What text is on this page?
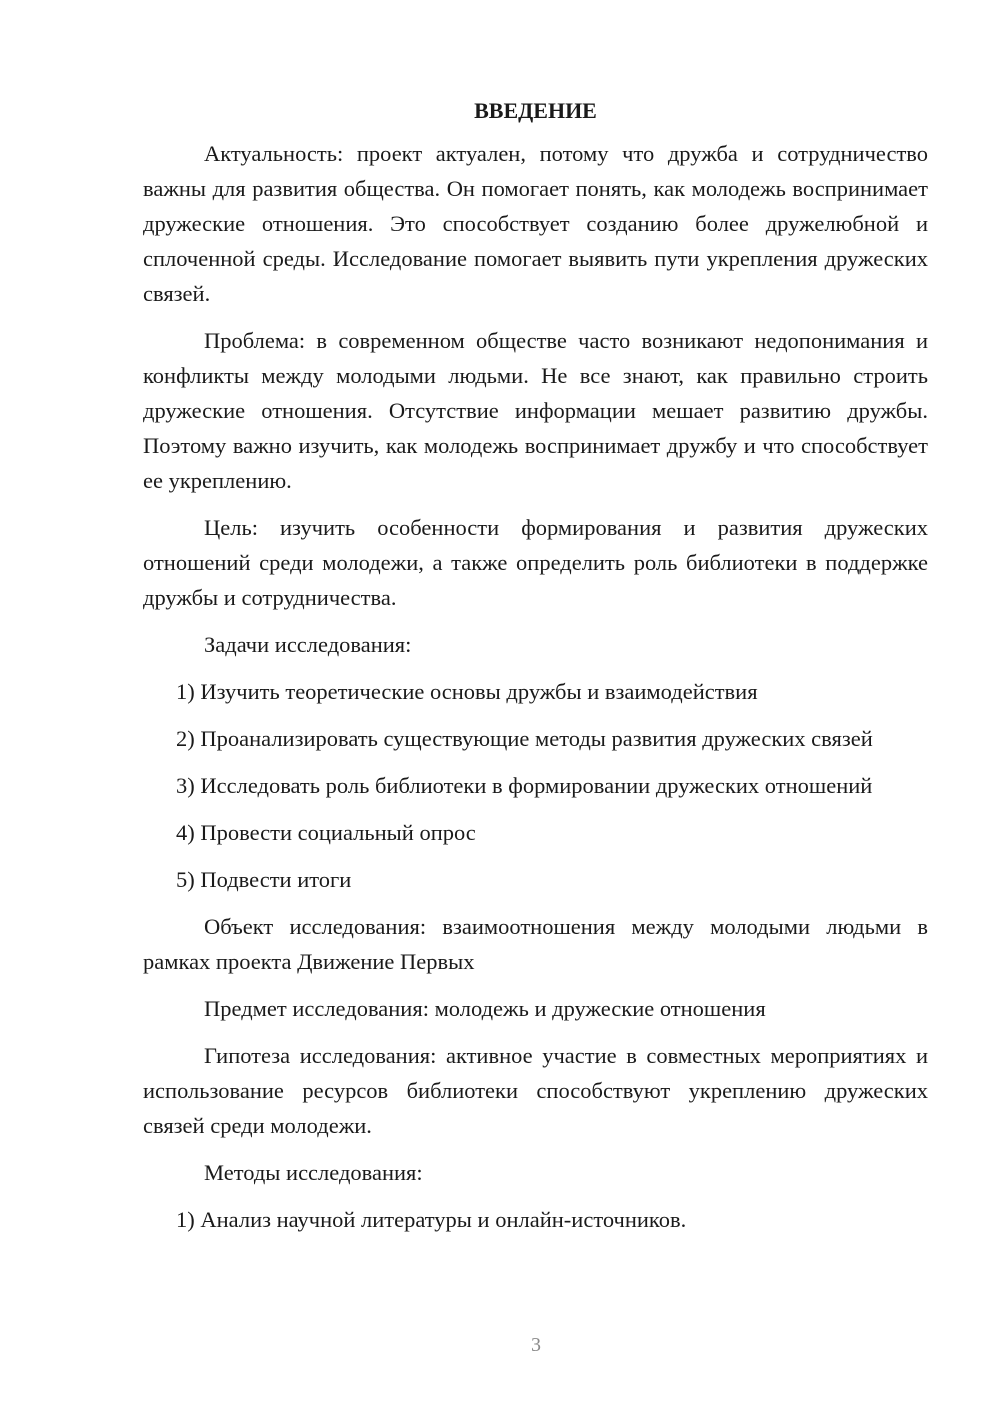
ВВЕДЕНИЕ

Актуальность: проект актуален, потому что дружба и сотрудничество важны для развития общества. Он помогает понять, как молодежь воспринимает дружеские отношения. Это способствует созданию более дружелюбной и сплоченной среды. Исследование помогает выявить пути укрепления дружеских связей.

Проблема: в современном обществе часто возникают недопонимания и конфликты между молодыми людьми. Не все знают, как правильно строить дружеские отношения. Отсутствие информации мешает развитию дружбы. Поэтому важно изучить, как молодежь воспринимает дружбу и что способствует ее укреплению.

Цель: изучить особенности формирования и развития дружеских отношений среди молодежи, а также определить роль библиотеки в поддержке дружбы и сотрудничества.

Задачи исследования:

1) Изучить теоретические основы дружбы и взаимодействия

2) Проанализировать существующие методы развития дружеских связей

3) Исследовать роль библиотеки в формировании дружеских отношений

4) Провести социальный опрос

5) Подвести итоги

Объект исследования: взаимоотношения между молодыми людьми в рамках проекта Движение Первых

Предмет исследования: молодежь и дружеские отношения

Гипотеза исследования: активное участие в совместных мероприятиях и использование ресурсов библиотеки способствуют укреплению дружеских связей среди молодежи.

Методы исследования:

1) Анализ научной литературы и онлайн-источников.

3
